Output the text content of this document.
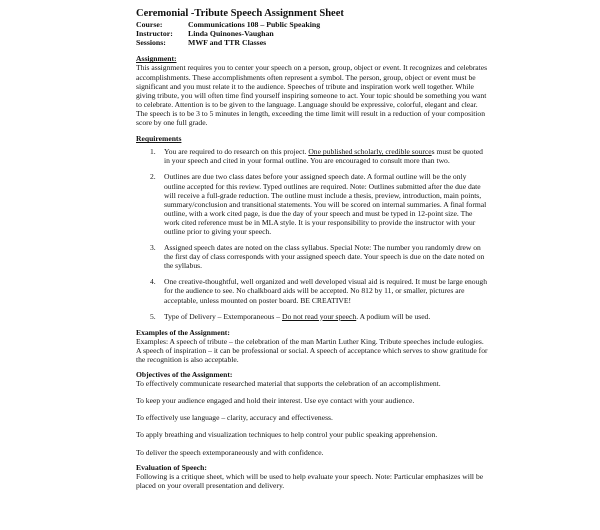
Ceremonial -Tribute Speech Assignment Sheet
Course:	Communications 108 – Public Speaking
Instructor:	Linda Quinones-Vaughan
Sessions:	MWF and TTR Classes
Assignment:

This assignment requires you to center your speech on a person, group, object or event. It recognizes and celebrates accomplishments. These accomplishments often represent a symbol. The person, group, object or event must be significant and you must relate it to the audience. Speeches of tribute and inspiration work well together. While giving tribute, you will often time find yourself inspiring someone to act. Your topic should be something you want to celebrate. Attention is to be given to the language. Language should be expressive, colorful, elegant and clear. The speech is to be 3 to 5 minutes in length, exceeding the time limit will result in a reduction of your composition score by one full grade.

Requirements
1.	You are required to do research on this project. One published scholarly, credible sources must be quoted in your speech and cited in your formal outline. You are encouraged to consult more than two.
2.	Outlines are due two class dates before your assigned speech date. A formal outline will be the only outline accepted for this review. Typed outlines are required. Note: Outlines submitted after the due date will receive a full-grade reduction. The outline must include a thesis, preview, introduction, main points, summary/conclusion and transitional statements. You will be scored on internal summaries. A final formal outline, with a work cited page, is due the day of your speech and must be typed in 12-point size. The work cited reference must be in MLA style. It is your responsibility to provide the instructor with your outline prior to giving your speech.
3.	Assigned speech dates are noted on the class syllabus. Special Note: The number you randomly drew on the first day of class corresponds with your assigned speech date. Your speech is due on the date noted on the syllabus.
4.	One creative-thoughtful, well organized and well developed visual aid is required. It must be large enough for the audience to see. No chalkboard aids will be accepted. No 812 by 11, or smaller, pictures are acceptable, unless mounted on poster board. BE CREATIVE!
5.	Type of Delivery – Extemporaneous – Do not read your speech. A podium will be used.
Examples of the Assignment:

Examples: A speech of tribute – the celebration of the man Martin Luther King. Tribute speeches include eulogies. A speech of inspiration – it can be professional or social. A speech of acceptance which serves to show gratitude for the recognition is also acceptable.

Objectives of the Assignment:

To effectively communicate researched material that supports the celebration of an accomplishment.

To keep your audience engaged and hold their interest. Use eye contact with your audience.

To effectively use language – clarity, accuracy and effectiveness.

To apply breathing and visualization techniques to help control your public speaking apprehension.

To deliver the speech extemporaneously and with confidence.

Evaluation of Speech:

Following is a critique sheet, which will be used to help evaluate your speech. Note: Particular emphasizes will be placed on your overall presentation and delivery.
